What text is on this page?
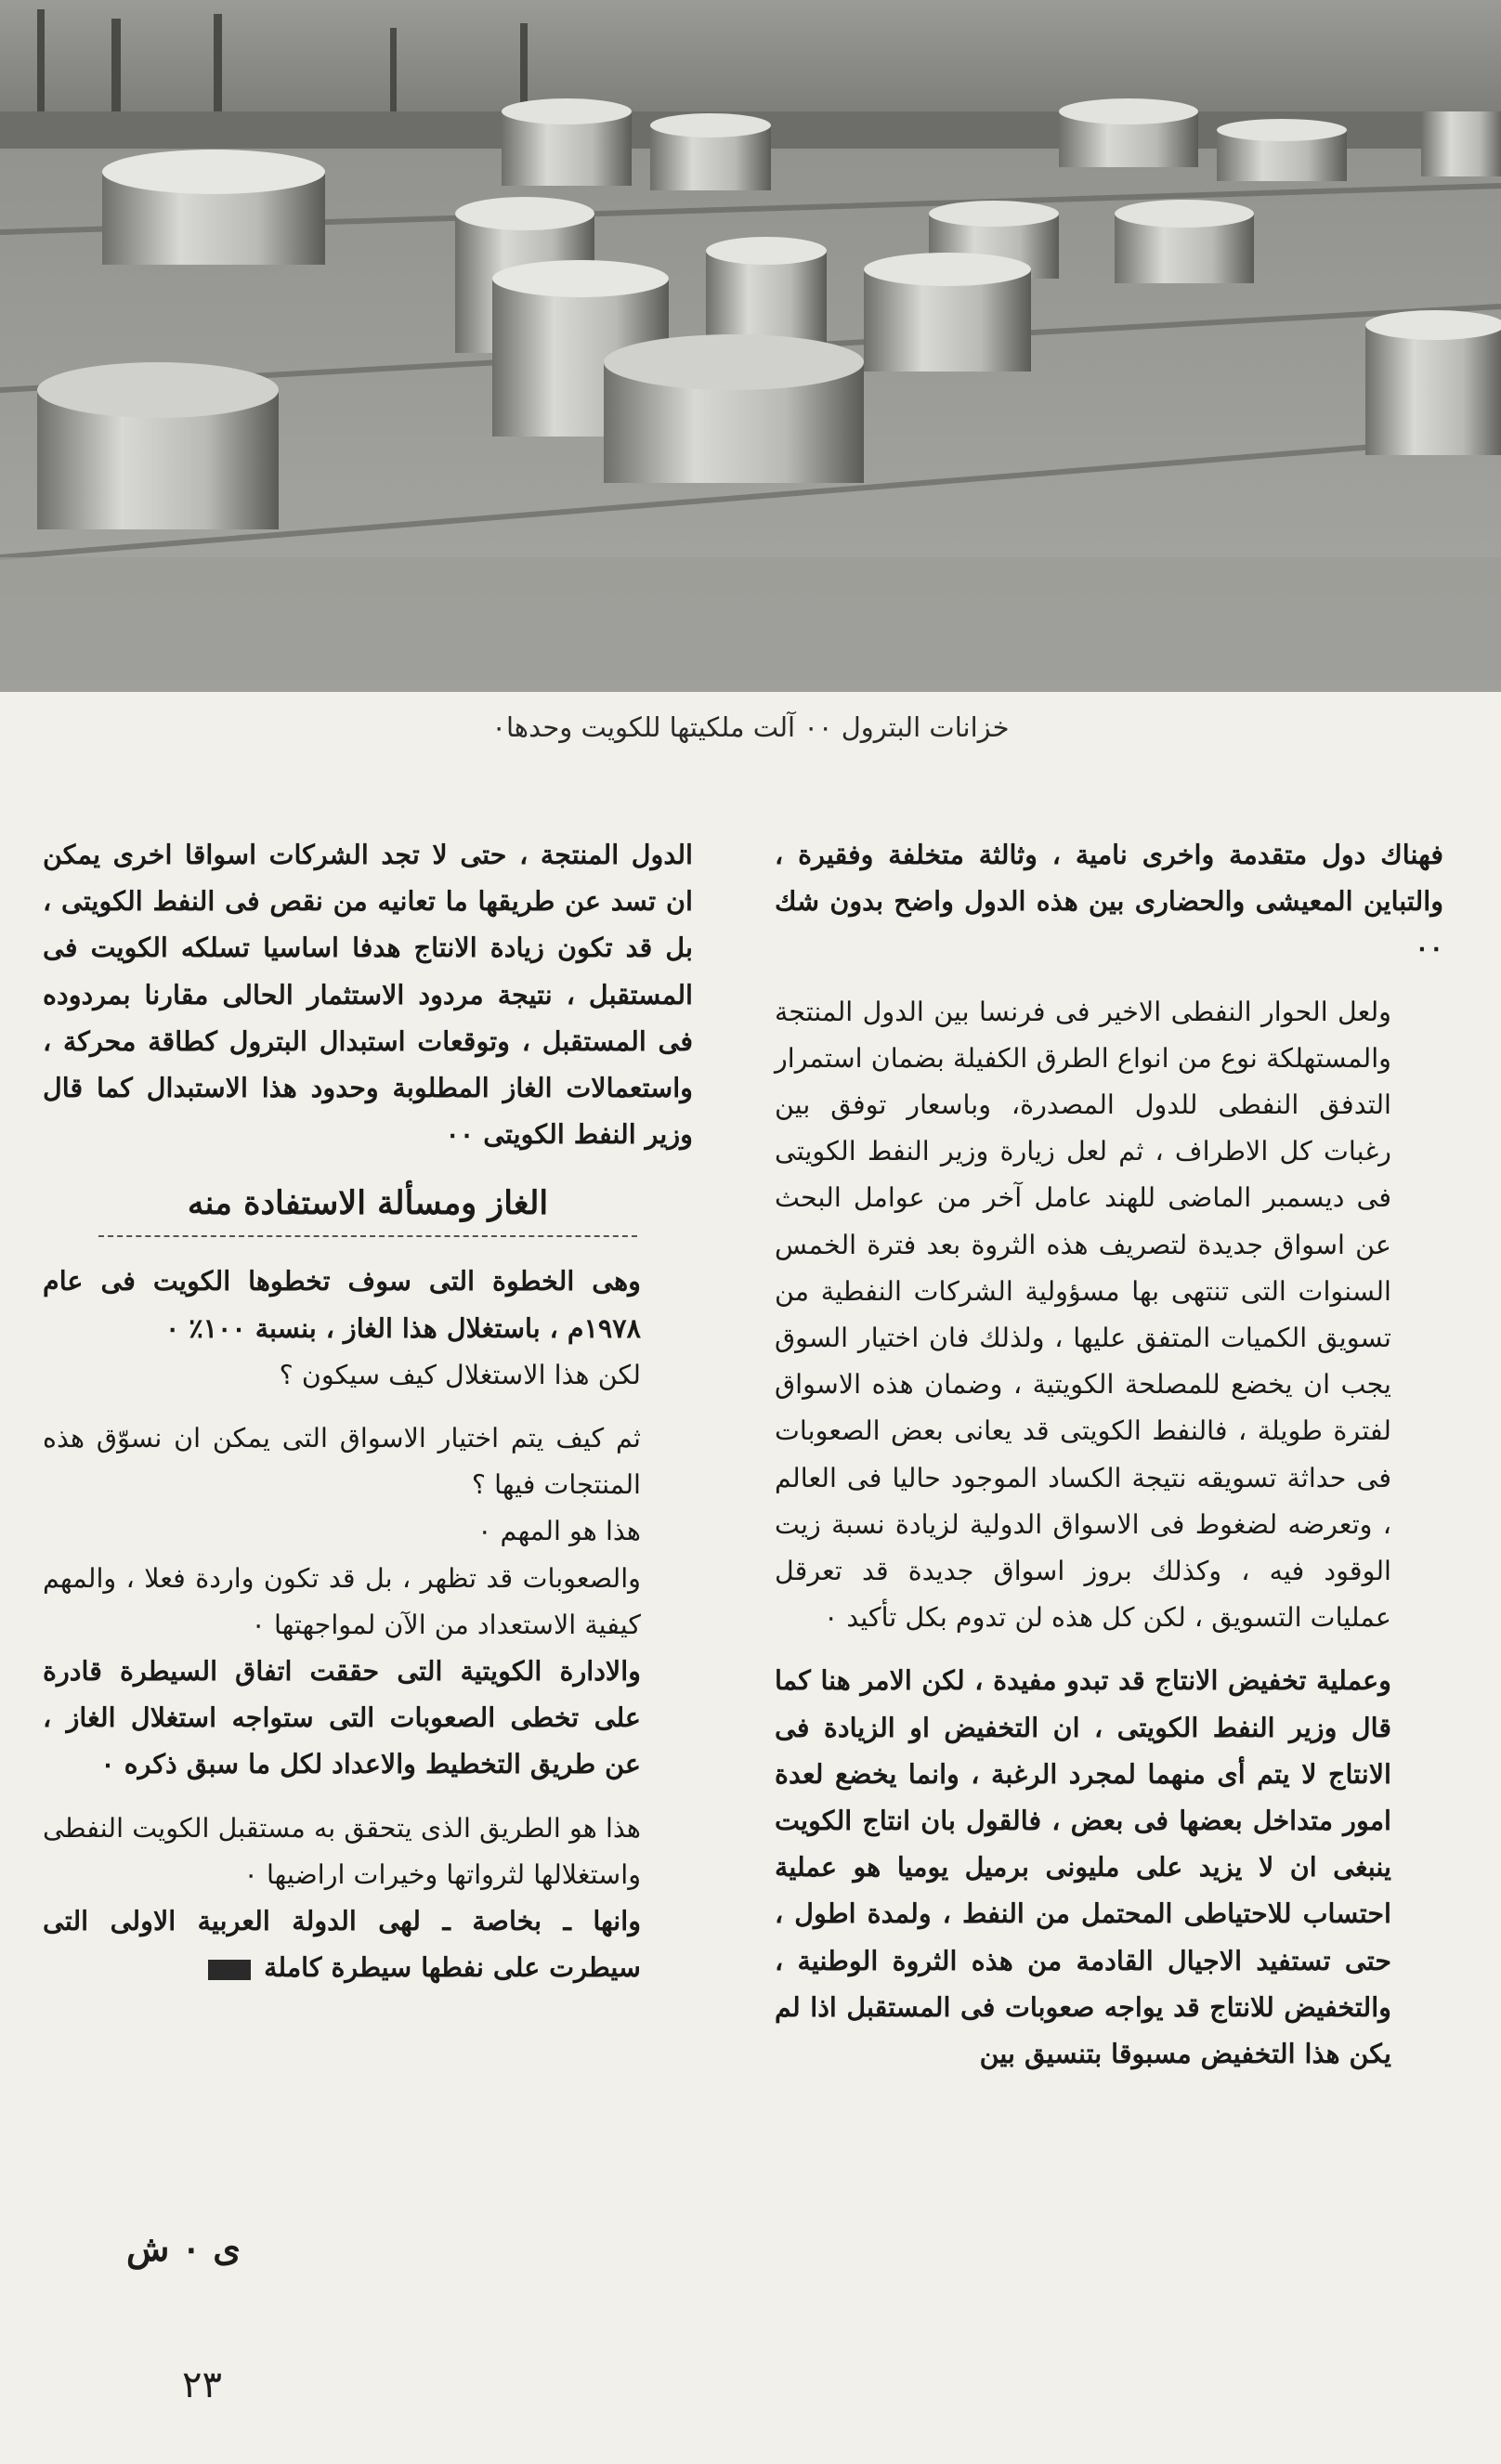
خزانات البترول ٠٠ آلت ملكيتها للكويت وحدها٠

فهناك دول متقدمة واخرى نامية ، وثالثة متخلفة وفقيرة ، والتباين المعيشى والحضارى بين هذه الدول واضح بدون شك ٠٠

ولعل الحوار النفطى الاخير فى فرنسا بين الدول المنتجة والمستهلكة نوع من انواع الطرق الكفيلة بضمان استمرار التدفق النفطى للدول المصدرة، وباسعار توفق بين رغبات كل الاطراف ، ثم لعل زيارة وزير النفط الكويتى فى ديسمبر الماضى للهند عامل آخر من عوامل البحث عن اسواق جديدة لتصريف هذه الثروة بعد فترة الخمس السنوات التى تنتهى بها مسؤولية الشركات النفطية من تسويق الكميات المتفق عليها ، ولذلك فان اختيار السوق يجب ان يخضع للمصلحة الكويتية ، وضمان هذه الاسواق لفترة طويلة ، فالنفط الكويتى قد يعانى بعض الصعوبات فى حداثة تسويقه نتيجة الكساد الموجود حاليا فى العالم ، وتعرضه لضغوط فى الاسواق الدولية لزيادة نسبة زيت الوقود فيه ، وكذلك بروز اسواق جديدة قد تعرقل عمليات التسويق ، لكن كل هذه لن تدوم بكل تأكيد ٠

وعملية تخفيض الانتاج قد تبدو مفيدة ، لكن الامر هنا كما قال وزير النفط الكويتى ، ان التخفيض او الزيادة فى الانتاج لا يتم أى منهما لمجرد الرغبة ، وانما يخضع لعدة امور متداخل بعضها فى بعض ، فالقول بان انتاج الكويت ينبغى ان لا يزيد على مليونى برميل يوميا هو عملية احتساب للاحتياطى المحتمل من النفط ، ولمدة اطول ، حتى تستفيد الاجيال القادمة من هذه الثروة الوطنية ، والتخفيض للانتاج قد يواجه صعوبات فى المستقبل اذا لم يكن هذا التخفيض مسبوقا بتنسيق بين

الدول المنتجة ، حتى لا تجد الشركات اسواقا اخرى يمكن ان تسد عن طريقها ما تعانيه من نقص فى النفط الكويتى ، بل قد تكون زيادة الانتاج هدفا اساسيا تسلكه الكويت فى المستقبل ، نتيجة مردود الاستثمار الحالى مقارنا بمردوده فى المستقبل ، وتوقعات استبدال البترول كطاقة محركة ، واستعمالات الغاز المطلوبة وحدود هذا الاستبدال كما قال وزير النفط الكويتى ٠٠

الغاز ومسألة الاستفادة منه

وهى الخطوة التى سوف تخطوها الكويت فى عام ١٩٧٨م ، باستغلال هذا الغاز ، بنسبة ١٠٠٪ ٠

لكن هذا الاستغلال كيف سيكون ؟

ثم كيف يتم اختيار الاسواق التى يمكن ان نسوّق هذه المنتجات فيها ؟

هذا هو المهم ٠

والصعوبات قد تظهر ، بل قد تكون واردة فعلا ، والمهم كيفية الاستعداد من الآن لمواجهتها ٠

والادارة الكويتية التى حققت اتفاق السيطرة قادرة على تخطى الصعوبات التى ستواجه استغلال الغاز ، عن طريق التخطيط والاعداد لكل ما سبق ذكره ٠

هذا هو الطريق الذى يتحقق به مستقبل الكويت النفطى واستغلالها لثرواتها وخيرات اراضيها ٠

وانها ـ بخاصة ـ لهى الدولة العربية الاولى التى سيطرت على نفطها سيطرة كاملة

ى ٠ ش
٢٣
